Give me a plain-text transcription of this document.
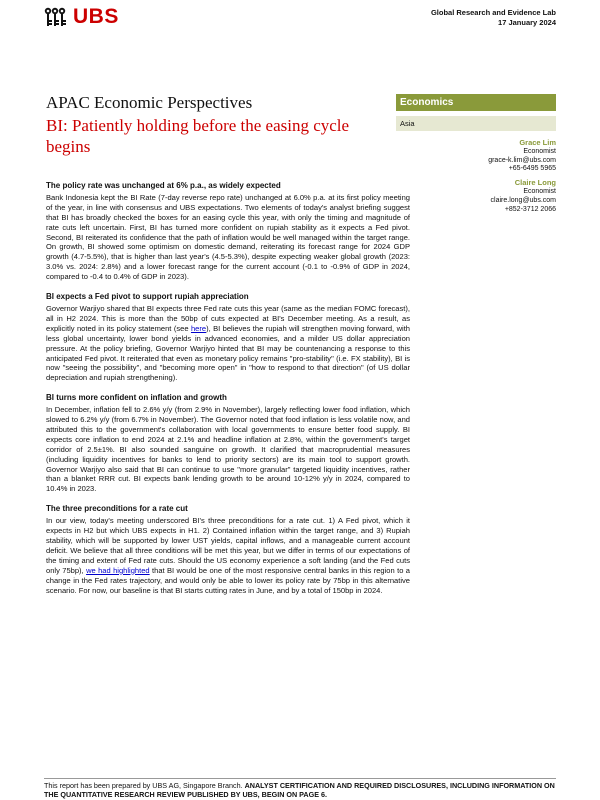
UBS	Global Research and Evidence Lab
17 January 2024
APAC Economic Perspectives
BI: Patiently holding before the easing cycle begins
Economics
Asia
Grace Lim
Economist
grace-k.lim@ubs.com
+65-6495 5965
Claire Long
Economist
claire.long@ubs.com
+852-3712 2066
The policy rate was unchanged at 6% p.a., as widely expected

Bank Indonesia kept the BI Rate (7-day reverse repo rate) unchanged at 6.0% p.a. at its first policy meeting of the year, in line with consensus and UBS expectations. Two elements of today's analyst briefing suggest that BI has broadly checked the boxes for an easing cycle this year, with only the timing and magnitude of rate cuts left uncertain. First, BI has turned more confident on rupiah stability as it expects a Fed pivot. Second, BI reiterated its confidence that the path of inflation would be well managed within the target range. On growth, BI showed some optimism on domestic demand, reiterating its forecast range for 2024 GDP growth (4.7-5.5%), that is higher than last year's (4.5-5.3%), despite expecting weaker global growth (2023: 3.0% vs. 2024: 2.8%) and a lower forecast range for the current account (-0.1 to -0.9% of GDP in 2024, compared to -0.4 to 0.4% of GDP in 2023).

BI expects a Fed pivot to support rupiah appreciation

Governor Warjiyo shared that BI expects three Fed rate cuts this year (same as the median FOMC forecast), all in H2 2024. This is more than the 50bp of cuts expected at BI's December meeting. As a result, as explicitly noted in its policy statement (see here), BI believes the rupiah will strengthen moving forward, with less global uncertainty, lower bond yields in advanced economies, and a milder US dollar appreciation pressure. At the policy briefing, Governor Warjiyo hinted that BI may be countenancing a response to this anticipated Fed pivot. It reiterated that even as monetary policy remains "pro-stability" (i.e. FX stability), BI is now "seeing the possibility", and "becoming more open" in "how to respond to that direction" (of US dollar depreciation and rupiah strengthening).

BI turns more confident on inflation and growth

In December, inflation fell to 2.6% y/y (from 2.9% in November), largely reflecting lower food inflation, which slowed to 6.2% y/y (from 6.7% in November). The Governor noted that food inflation is less volatile now, and attributed this to the government's collaboration with local governments to ensure better food supply. BI expects core inflation to end 2024 at 2.1% and headline inflation at 2.8%, within the government's target corridor of 2.5±1%. BI also sounded sanguine on growth. It clarified that macroprudential measures (including liquidity incentives for banks to lend to priority sectors) are its main tool to support growth. Governor Warjiyo also said that BI can continue to use "more granular" targeted liquidity incentives, rather than a blanket RRR cut. BI expects bank lending growth to be around 10-12% y/y in 2024, compared to 10.4% in 2023.

The three preconditions for a rate cut

In our view, today's meeting underscored BI's three preconditions for a rate cut. 1) A Fed pivot, which it expects in H2 but which UBS expects in H1. 2) Contained inflation within the target range, and 3) Rupiah stability, which will be supported by lower UST yields, capital inflows, and a manageable current account deficit. We believe that all three conditions will be met this year, but we differ in terms of our expectations of the timing and extent of Fed rate cuts. Should the US economy experience a soft landing (and the Fed cuts only 75bp), we had highlighted that BI would be one of the most responsive central banks in this region to a change in the Fed rates trajectory, and would only be able to lower its policy rate by 75bp in this alternative scenario. For now, our baseline is that BI starts cutting rates in June, and by a total of 150bp in 2024.

This report has been prepared by UBS AG, Singapore Branch. ANALYST CERTIFICATION AND REQUIRED DISCLOSURES, INCLUDING INFORMATION ON THE QUANTITATIVE RESEARCH REVIEW PUBLISHED BY UBS, BEGIN ON PAGE 6.
